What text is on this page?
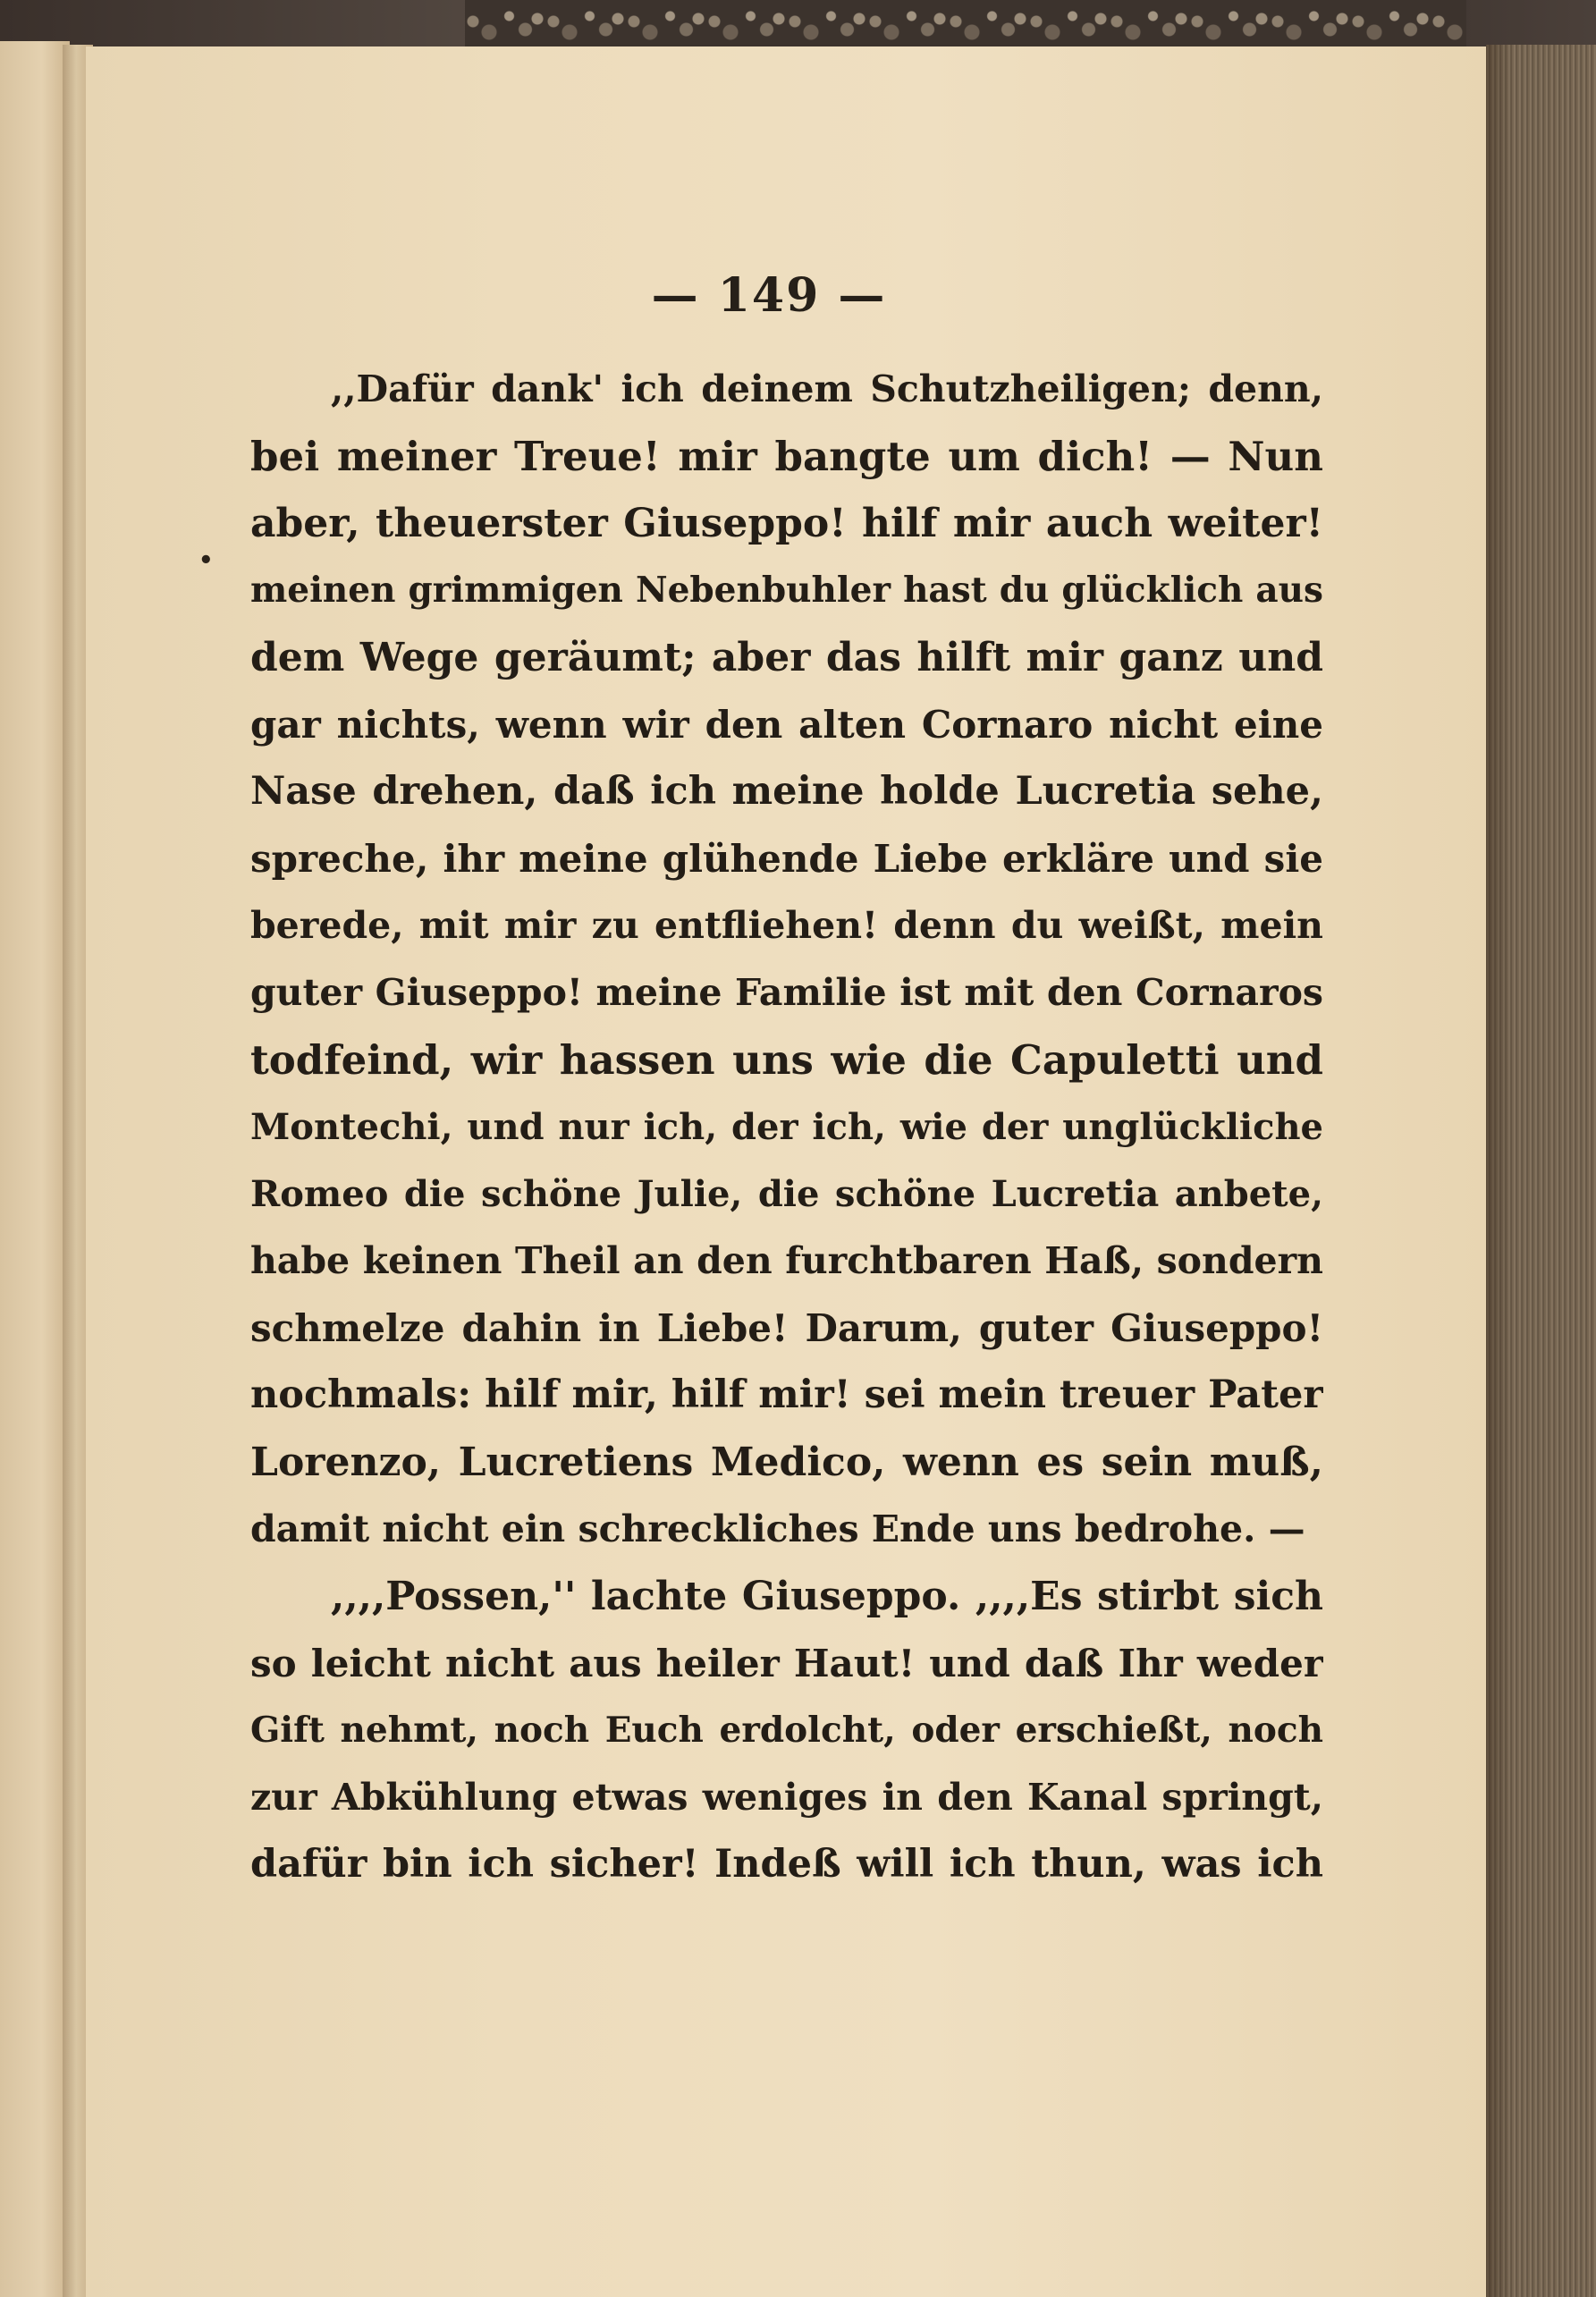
•
— 149 —
,,Dafür dank' ich deinem Schutzheiligen; denn,
bei meiner Treue! mir bangte um dich! — Nun
aber, theuerster Giuseppo! hilf mir auch weiter!
meinen grimmigen Nebenbuhler hast du glücklich aus
dem Wege geräumt; aber das hilft mir ganz und
gar nichts, wenn wir den alten Cornaro nicht eine
Nase drehen, daß ich meine holde Lucretia sehe,
spreche, ihr meine glühende Liebe erkläre und sie
berede, mit mir zu entfliehen! denn du weißt, mein
guter Giuseppo! meine Familie ist mit den Cornaros
todfeind, wir hassen uns wie die Capuletti und
Montechi, und nur ich, der ich, wie der unglückliche
Romeo die schöne Julie, die schöne Lucretia anbete,
habe keinen Theil an den furchtbaren Haß, sondern
schmelze dahin in Liebe! Darum, guter Giuseppo!
nochmals: hilf mir, hilf mir! sei mein treuer Pater
Lorenzo, Lucretiens Medico, wenn es sein muß,
damit nicht ein schreckliches Ende uns bedrohe. —
,,,,Possen,'' lachte Giuseppo. ,,,,Es stirbt sich
so leicht nicht aus heiler Haut! und daß Ihr weder
Gift nehmt, noch Euch erdolcht, oder erschießt, noch
zur Abkühlung etwas weniges in den Kanal springt,
dafür bin ich sicher! Indeß will ich thun, was ich
